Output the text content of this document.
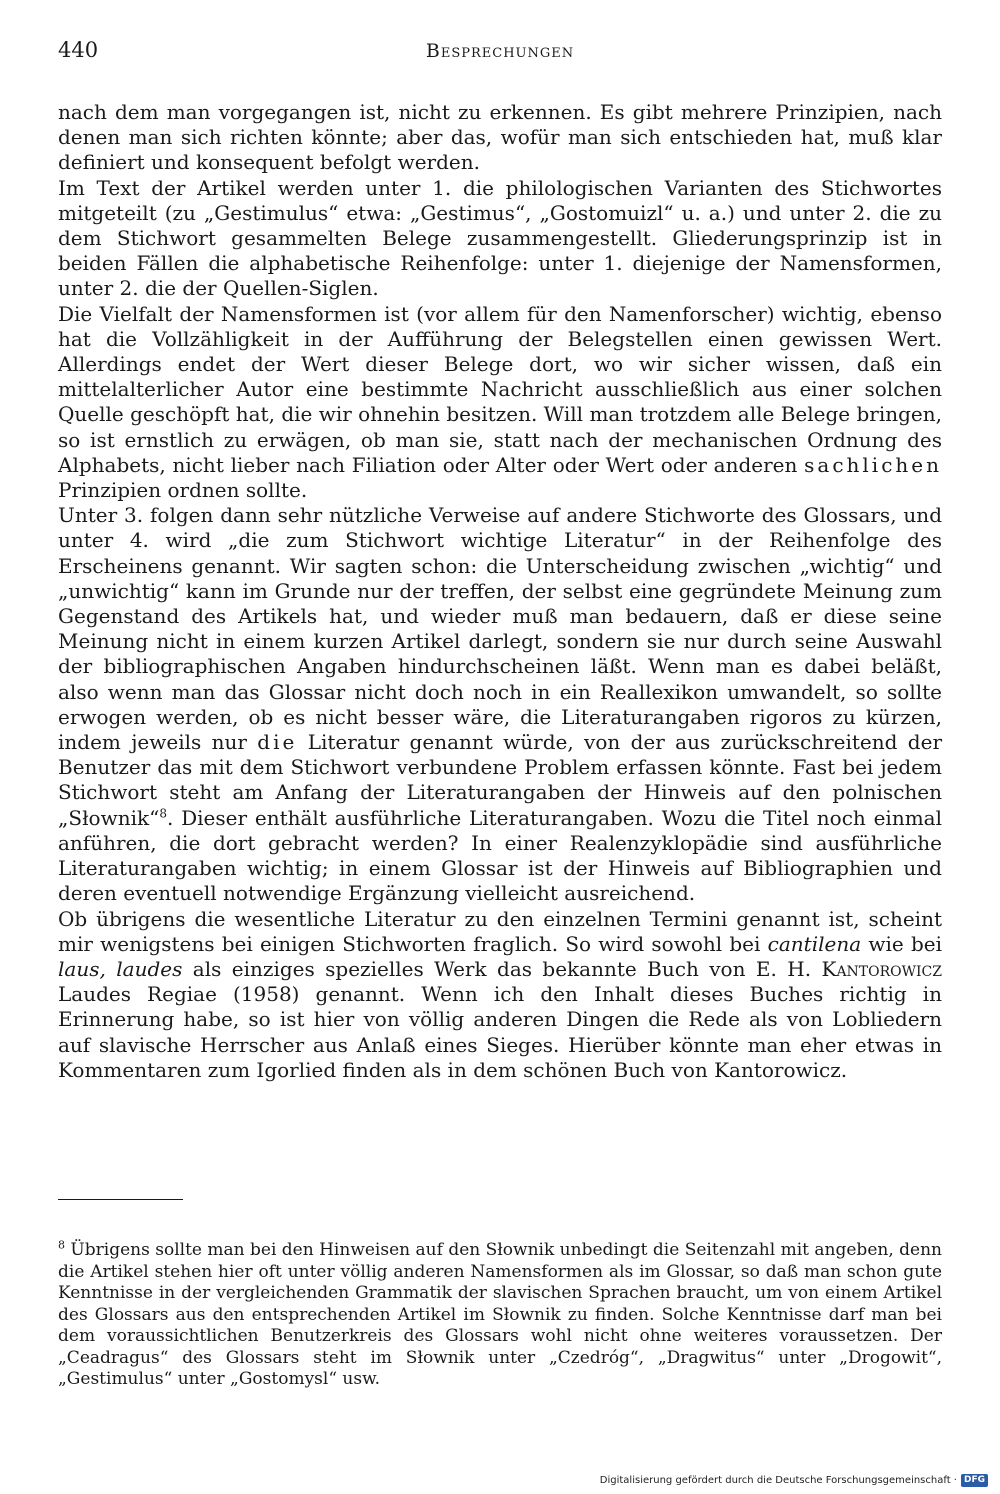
440	Besprechungen

nach dem man vorgegangen ist, nicht zu erkennen. Es gibt mehrere Prinzipien, nach denen man sich richten könnte; aber das, wofür man sich entschieden hat, muß klar definiert und konsequent befolgt werden.

Im Text der Artikel werden unter 1. die philologischen Varianten des Stichwortes mitgeteilt (zu „Gestimulus“ etwa: „Gestimus“, „Gostomuizl“ u. a.) und unter 2. die zu dem Stichwort gesammelten Belege zusammengestellt. Gliederungsprinzip ist in beiden Fällen die alphabetische Reihenfolge: unter 1. diejenige der Namensformen, unter 2. die der Quellen-Siglen.

Die Vielfalt der Namensformen ist (vor allem für den Namenforscher) wichtig, ebenso hat die Vollzähligkeit in der Aufführung der Belegstellen einen gewissen Wert. Allerdings endet der Wert dieser Belege dort, wo wir sicher wissen, daß ein mittelalterlicher Autor eine bestimmte Nachricht ausschließlich aus einer solchen Quelle geschöpft hat, die wir ohnehin besitzen. Will man trotzdem alle Belege bringen, so ist ernstlich zu erwägen, ob man sie, statt nach der mechanischen Ordnung des Alphabets, nicht lieber nach Filiation oder Alter oder Wert oder anderen sachlichen Prinzipien ordnen sollte.

Unter 3. folgen dann sehr nützliche Verweise auf andere Stichworte des Glossars, und unter 4. wird „die zum Stichwort wichtige Literatur“ in der Reihenfolge des Erscheinens genannt. Wir sagten schon: die Unterscheidung zwischen „wichtig“ und „unwichtig“ kann im Grunde nur der treffen, der selbst eine gegründete Meinung zum Gegenstand des Artikels hat, und wieder muß man bedauern, daß er diese seine Meinung nicht in einem kurzen Artikel darlegt, sondern sie nur durch seine Auswahl der bibliographischen Angaben hindurchscheinen läßt. Wenn man es dabei beläßt, also wenn man das Glossar nicht doch noch in ein Reallexikon umwandelt, so sollte erwogen werden, ob es nicht besser wäre, die Literaturangaben rigoros zu kürzen, indem jeweils nur die Literatur genannt würde, von der aus zurückschreitend der Benutzer das mit dem Stichwort verbundene Problem erfassen könnte. Fast bei jedem Stichwort steht am Anfang der Literaturangaben der Hinweis auf den polnischen „Słownik“$^8$. Dieser enthält ausführliche Literaturangaben. Wozu die Titel noch einmal anführen, die dort gebracht werden? In einer Realenzyklopädie sind ausführliche Literaturangaben wichtig; in einem Glossar ist der Hinweis auf Bibliographien und deren eventuell notwendige Ergänzung vielleicht ausreichend.

Ob übrigens die wesentliche Literatur zu den einzelnen Termini genannt ist, scheint mir wenigstens bei einigen Stichworten fraglich. So wird sowohl bei cantilena wie bei laus, laudes als einziges spezielles Werk das bekannte Buch von E. H. Kantorowicz Laudes Regiae (1958) genannt. Wenn ich den Inhalt dieses Buches richtig in Erinnerung habe, so ist hier von völlig anderen Dingen die Rede als von Lobliedern auf slavische Herrscher aus Anlaß eines Sieges. Hierüber könnte man eher etwas in Kommentaren zum Igorlied finden als in dem schönen Buch von Kantorowicz.

$^8$ Übrigens sollte man bei den Hinweisen auf den Słownik unbedingt die Seitenzahl mit angeben, denn die Artikel stehen hier oft unter völlig anderen Namensformen als im Glossar, so daß man schon gute Kenntnisse in der vergleichenden Grammatik der slavischen Sprachen braucht, um von einem Artikel des Glossars aus den entsprechenden Artikel im Słownik zu finden. Solche Kenntnisse darf man bei dem voraussichtlichen Benutzerkreis des Glossars wohl nicht ohne weiteres voraussetzen. Der „Ceadragus“ des Glossars steht im Słownik unter „Czedróg“, „Dragwitus“ unter „Drogowit“, „Gestimulus“ unter „Gostomysl“ usw.

Digitalisierung gefördert durch die Deutsche Forschungsgemeinschaft · DFG
